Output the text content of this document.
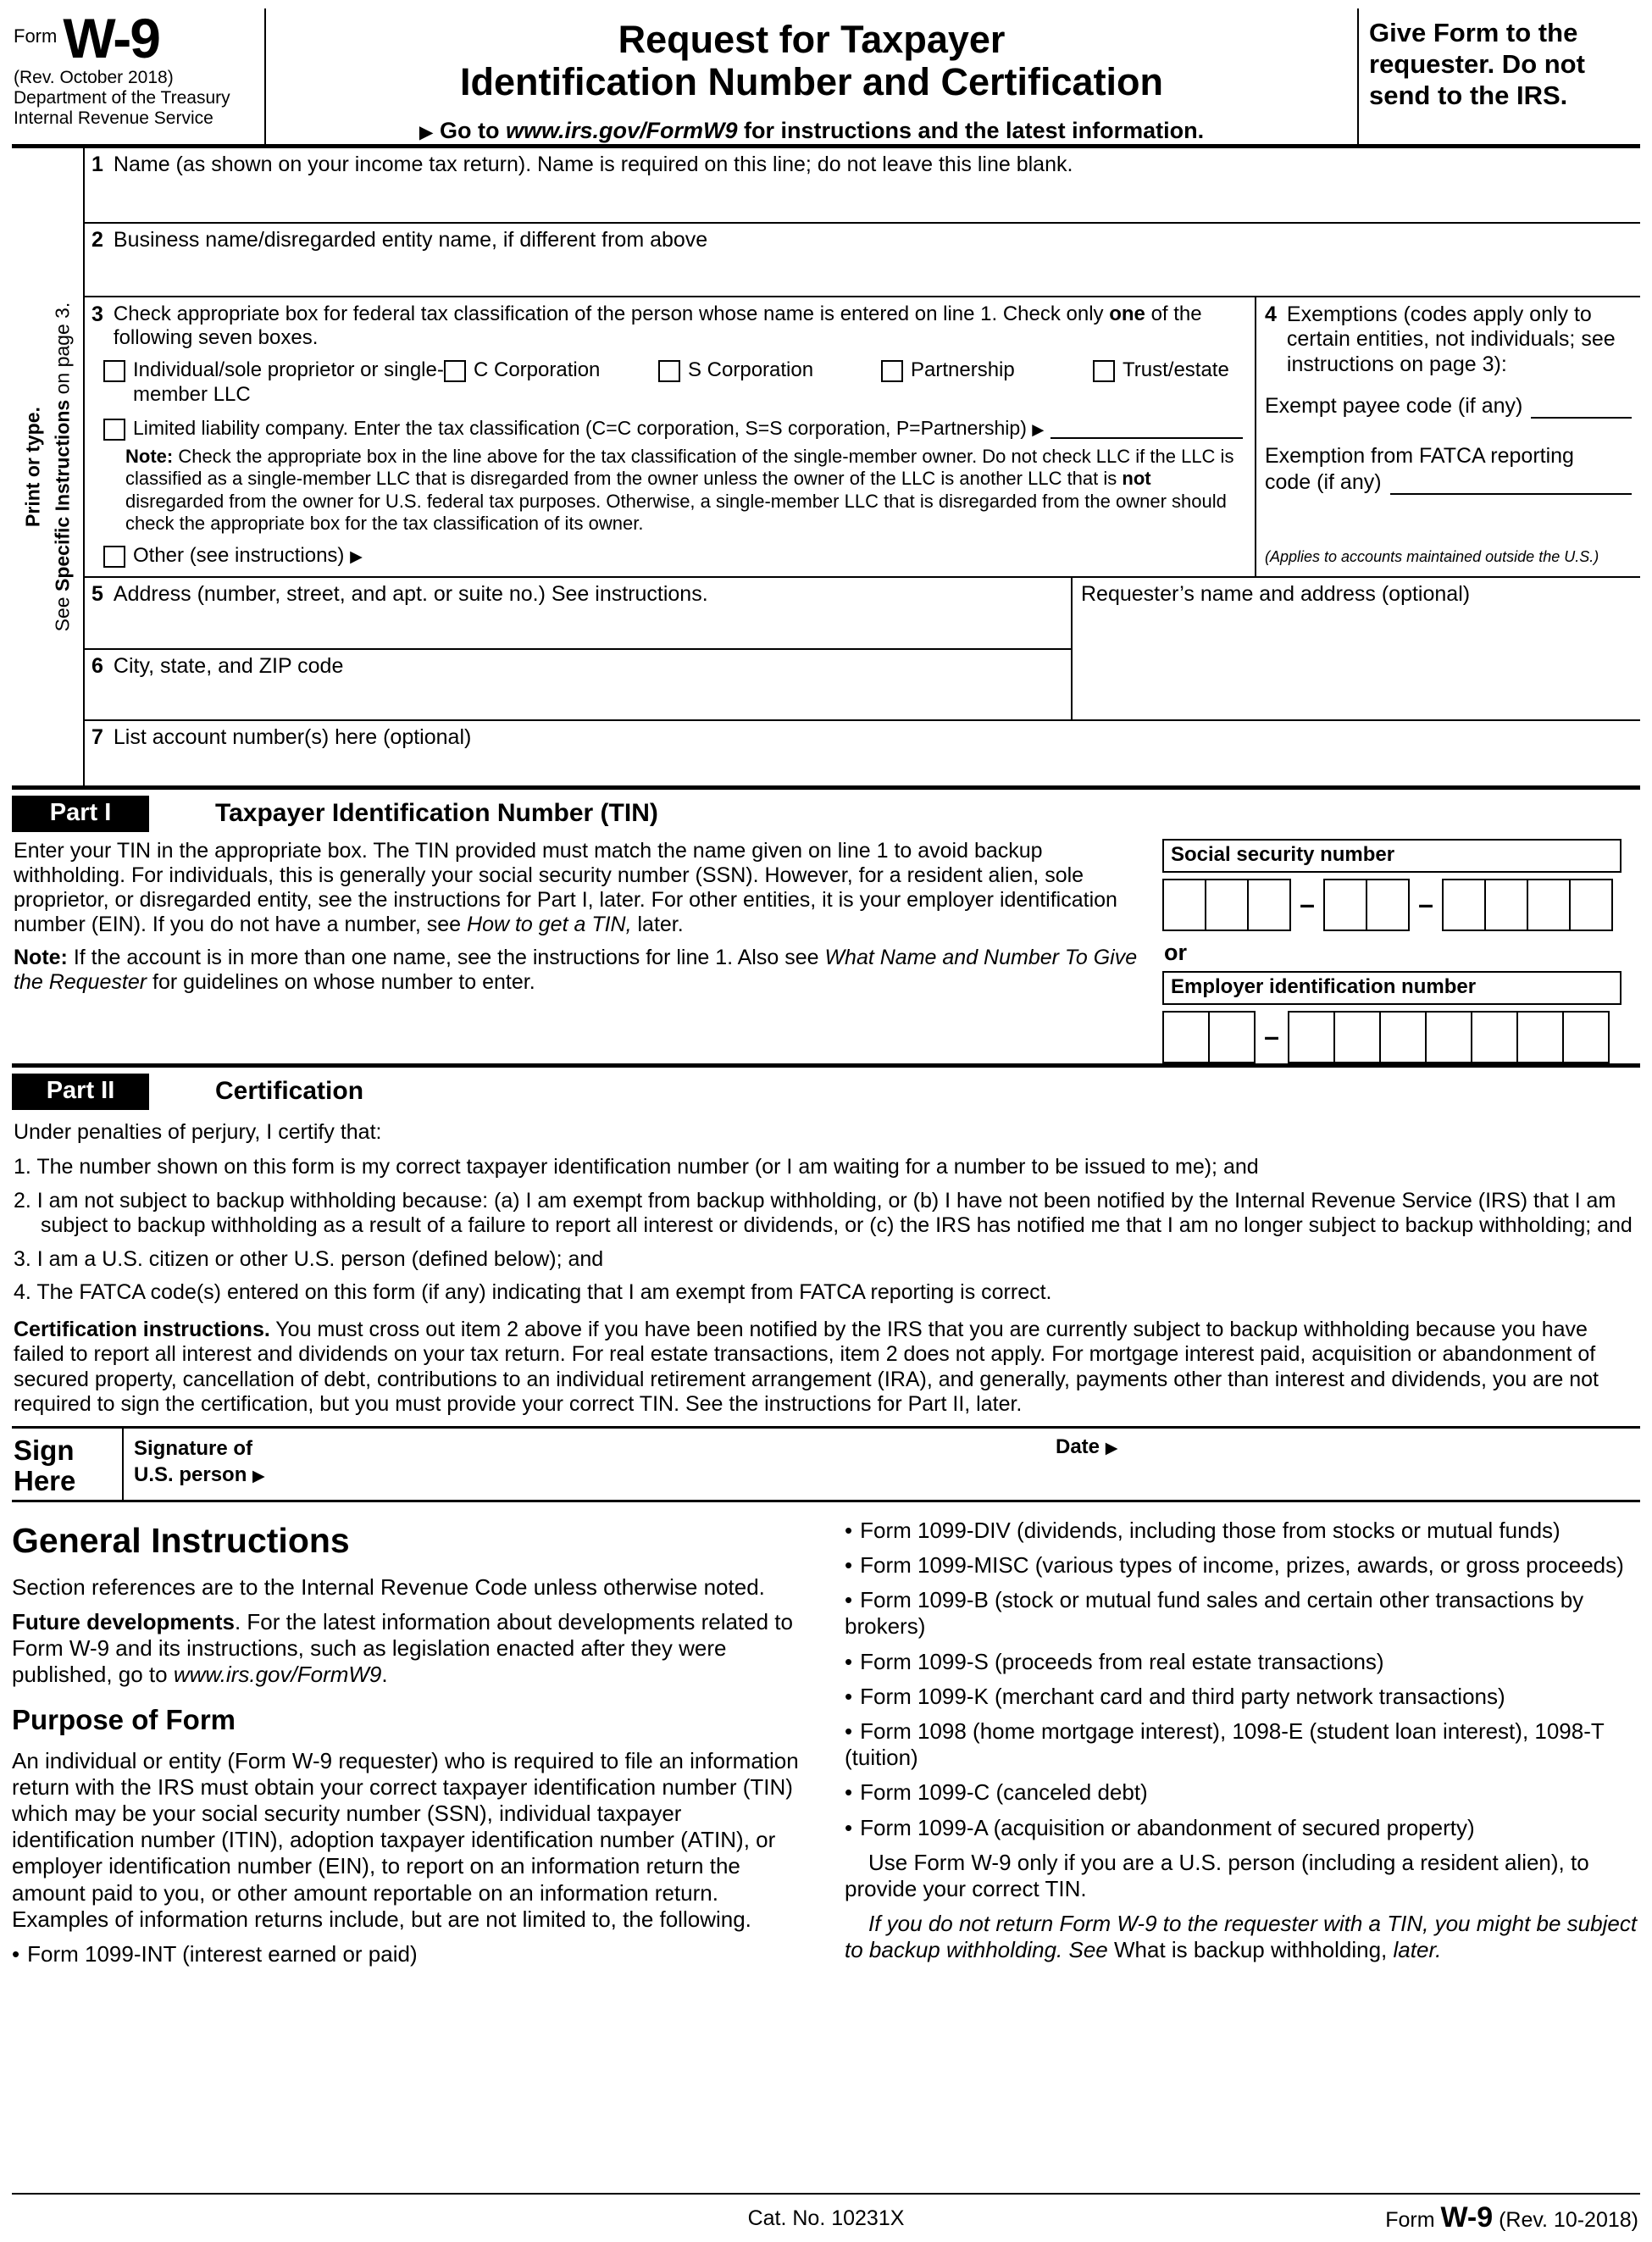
Form W-9
(Rev. October 2018)
Department of the Treasury
Internal Revenue Service
Request for Taxpayer
Identification Number and Certification
▶ Go to www.irs.gov/FormW9 for instructions and the latest information.
Give Form to the requester. Do not send to the IRS.
Print or type.
See Specific Instructions on page 3.
1 Name (as shown on your income tax return). Name is required on this line; do not leave this line blank.
2 Business name/disregarded entity name, if different from above
3 Check appropriate box for federal tax classification of the person whose name is entered on line 1. Check only one of the following seven boxes.
Individual/sole proprietor or single-member LLC
C Corporation	S Corporation	Partnership	Trust/estate
Limited liability company. Enter the tax classification (C=C corporation, S=S corporation, P=Partnership) ▶
Note: Check the appropriate box in the line above for the tax classification of the single-member owner. Do not check LLC if the LLC is classified as a single-member LLC that is disregarded from the owner unless the owner of the LLC is another LLC that is not disregarded from the owner for U.S. federal tax purposes. Otherwise, a single-member LLC that is disregarded from the owner should check the appropriate box for the tax classification of its owner.
Other (see instructions) ▶
4 Exemptions (codes apply only to certain entities, not individuals; see instructions on page 3):
Exempt payee code (if any)
Exemption from FATCA reporting
code (if any)
(Applies to accounts maintained outside the U.S.)
5 Address (number, street, and apt. or suite no.) See instructions.
6 City, state, and ZIP code
Requester’s name and address (optional)
7 List account number(s) here (optional)
Part I	Taxpayer Identification Number (TIN)
Enter your TIN in the appropriate box. The TIN provided must match the name given on line 1 to avoid backup withholding. For individuals, this is generally your social security number (SSN). However, for a resident alien, sole proprietor, or disregarded entity, see the instructions for Part I, later. For other entities, it is your employer identification number (EIN). If you do not have a number, see How to get a TIN, later.
Note: If the account is in more than one name, see the instructions for line 1. Also see What Name and Number To Give the Requester for guidelines on whose number to enter.
Social security number
–	–
or
Employer identification number
–
Part II	Certification
Under penalties of perjury, I certify that:
1. The number shown on this form is my correct taxpayer identification number (or I am waiting for a number to be issued to me); and
2. I am not subject to backup withholding because: (a) I am exempt from backup withholding, or (b) I have not been notified by the Internal Revenue Service (IRS) that I am subject to backup withholding as a result of a failure to report all interest or dividends, or (c) the IRS has notified me that I am no longer subject to backup withholding; and
3. I am a U.S. citizen or other U.S. person (defined below); and
4. The FATCA code(s) entered on this form (if any) indicating that I am exempt from FATCA reporting is correct.
Certification instructions. You must cross out item 2 above if you have been notified by the IRS that you are currently subject to backup withholding because you have failed to report all interest and dividends on your tax return. For real estate transactions, item 2 does not apply. For mortgage interest paid, acquisition or abandonment of secured property, cancellation of debt, contributions to an individual retirement arrangement (IRA), and generally, payments other than interest and dividends, you are not required to sign the certification, but you must provide your correct TIN. See the instructions for Part II, later.
Sign
Here
Signature of
U.S. person ▶
Date ▶
General Instructions

Section references are to the Internal Revenue Code unless otherwise noted.

Future developments. For the latest information about developments related to Form W-9 and its instructions, such as legislation enacted after they were published, go to www.irs.gov/FormW9.

Purpose of Form

An individual or entity (Form W-9 requester) who is required to file an information return with the IRS must obtain your correct taxpayer identification number (TIN) which may be your social security number (SSN), individual taxpayer identification number (ITIN), adoption taxpayer identification number (ATIN), or employer identification number (EIN), to report on an information return the amount paid to you, or other amount reportable on an information return. Examples of information returns include, but are not limited to, the following.

• Form 1099-INT (interest earned or paid)

• Form 1099-DIV (dividends, including those from stocks or mutual funds)

• Form 1099-MISC (various types of income, prizes, awards, or gross proceeds)

• Form 1099-B (stock or mutual fund sales and certain other transactions by brokers)

• Form 1099-S (proceeds from real estate transactions)

• Form 1099-K (merchant card and third party network transactions)

• Form 1098 (home mortgage interest), 1098-E (student loan interest), 1098-T (tuition)

• Form 1099-C (canceled debt)

• Form 1099-A (acquisition or abandonment of secured property)

Use Form W-9 only if you are a U.S. person (including a resident alien), to provide your correct TIN.

If you do not return Form W-9 to the requester with a TIN, you might be subject to backup withholding. See What is backup withholding, later.

Cat. No. 10231X	Form W-9 (Rev. 10-2018)
